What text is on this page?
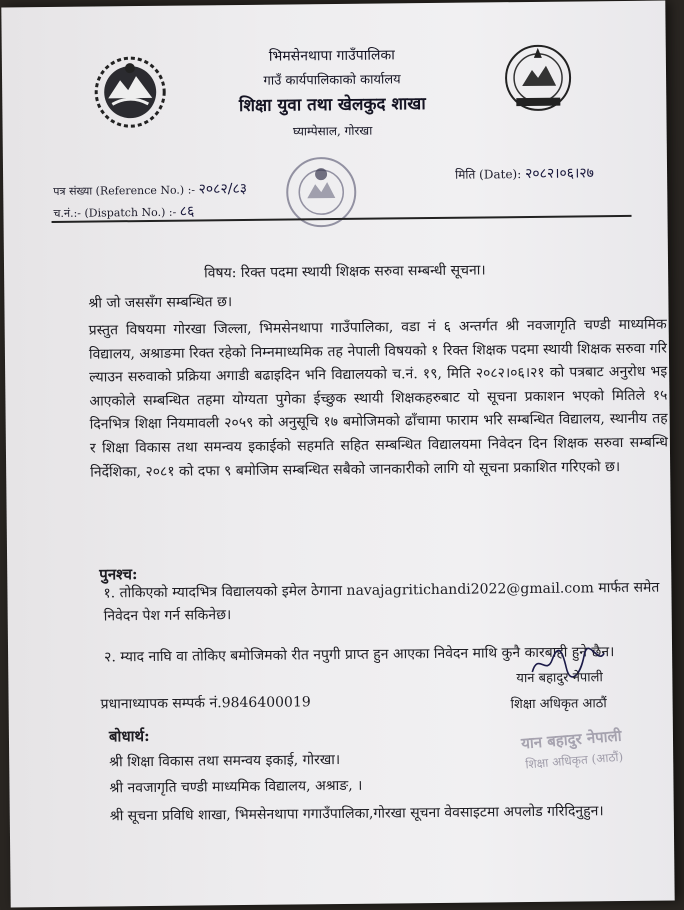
भिमसेनथापा गाउँपालिका
गाउँ कार्यपालिकाको कार्यालय
शिक्षा युवा तथा खेलकुद शाखा
घ्याम्पेसाल, गोरखा
पत्र संख्या (Reference No.) :- २०८२/८३
च.नं.:- (Dispatch No.) :- ८६
मिति (Date): २०८२।०६।२७
विषय: रिक्त पदमा स्थायी शिक्षक सरुवा सम्बन्धी सूचना।
श्री जो जससँग सम्बन्धित छ।
प्रस्तुत विषयमा गोरखा जिल्ला, भिमसेनथापा गाउँपालिका, वडा नं ६ अन्तर्गत श्री नवजागृति चण्डी माध्यमिक विद्यालय, अश्राङमा रिक्त रहेको निम्नमाध्यमिक तह नेपाली विषयको १ रिक्त शिक्षक पदमा स्थायी शिक्षक सरुवा गरि ल्याउन सरुवाको प्रक्रिया अगाडी बढाइदिन भनि विद्यालयको च.नं. १९, मिति २०८२।०६।२१ को पत्रबाट अनुरोध भइ आएकोले सम्बन्धित तहमा योग्यता पुगेका ईच्छुक स्थायी शिक्षकहरुबाट यो सूचना प्रकाशन भएको मितिले १५ दिनभित्र शिक्षा नियमावली २०५९ को अनुसूचि १७ बमोजिमको ढाँचामा फाराम भरि सम्बन्धित विद्यालय, स्थानीय तह र शिक्षा विकास तथा समन्वय इकाईको सहमति सहित सम्बन्धित विद्यालयमा निवेदन दिन शिक्षक सरुवा सम्बन्धि निर्देशिका, २०८१ को दफा ९ बमोजिम सम्बन्धित सबैको जानकारीको लागि यो सूचना प्रकाशित गरिएको छ।
पुनश्च:
१. तोकिएको म्यादभित्र विद्यालयको इमेल ठेगाना navajagritichandi2022@gmail.com मार्फत समेत निवेदन पेश गर्न सकिनेछ।
२. म्याद नाघि वा तोकिए बमोजिमको रीत नपुगी प्राप्त हुन आएका निवेदन माथि कुनै कारबाही हुने छैन।
प्रधानाध्यापक सम्पर्क नं.9846400019
यान बहादुर नेपाली
शिक्षा अधिकृत आठौं
बोधार्थ:
श्री शिक्षा विकास तथा समन्वय इकाई, गोरखा।
श्री नवजागृति चण्डी माध्यमिक विद्यालय, अश्राङ, ।
श्री सूचना प्रविधि शाखा, भिमसेनथापा गगाउँपालिका,गोरखा सूचना वेवसाइटमा अपलोड गरिदिनुहुन।
यान बहादुर नेपाली
शिक्षा अधिकृत (आठौं)
